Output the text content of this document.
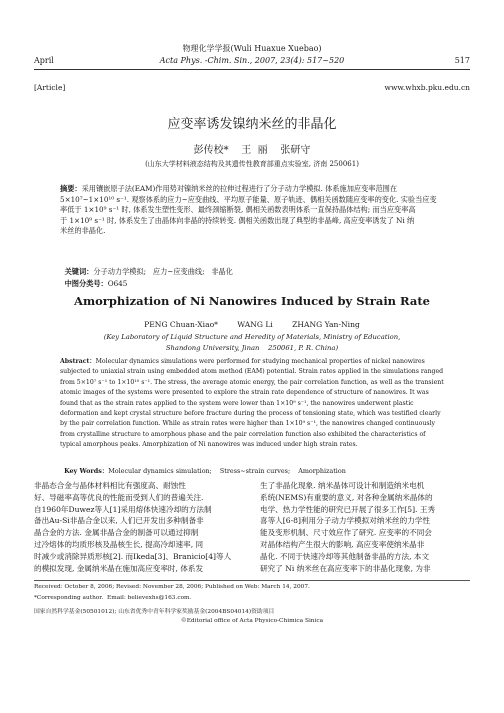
物理化学学报(Wuli Huaxue Xuebao)
April	Acta Phys. -Chim. Sin., 2007, 23(4): 517~520	517
[Article]	www.whxb.pku.edu.cn
应变率诱发镍纳米丝的非晶化
彭传校*    王  丽    张研守
(山东大学材料液态结构及其遗传性教育部重点实验室, 济南 250061)
摘要：采用镶嵌原子法(EAM)作用势对镍纳米丝的拉伸过程进行了分子动力学模拟. 体系施加应变率范围在
5×10⁷~1×10¹⁰ s⁻¹. 观察体系的应力~应变曲线、平均原子能量、原子轨迹、偶相关函数随应变率的变化. 实验当应变
率低于 1×10⁹ s⁻¹ 时, 体系发生塑性变形、最终颈缩断裂, 偶相关函数表明体系一直保持晶体结构; 而当应变率高
于 1×10⁹ s⁻¹ 时, 体系发生了由晶体向非晶的持续转变. 偶相关函数出现了典型的非晶峰, 高应变率诱发了 Ni 纳
米丝的非晶化.

关键词：分子动力学模拟;   应力~应变曲线;   非晶化

中图分类号：O645

Amorphization of Ni Nanowires Induced by Strain Rate
PENG Chuan-Xiao*        WANG Li        ZHANG Yan-Ning
(Key Laboratory of Liquid Structure and Heredity of Materials, Ministry of Education,
Shandong University, Jinan    250061, P. R. China)
Abstract：Molecular dynamics simulations were performed for studying mechanical properties of nickel nanowires
subjected to uniaxial strain using embedded atom method (EAM) potential. Strain rates applied in the simulations ranged
from 5×10⁷ s⁻¹ to 1×10¹⁰ s⁻¹. The stress, the average atomic energy, the pair correlation function, as well as the transient
atomic images of the systems were presented to explore the strain rate dependence of structure of nanowires. It was
found that as the strain rates applied to the system were lower than 1×10⁹ s⁻¹, the nanowires underwent plastic
deformation and kept crystal structure before fracture during the process of tensioning state, which was testified clearly
by the pair correlation function. While as strain rates were higher than 1×10⁹ s⁻¹, the nanowires changed continuously
from crystalline structure to amorphous phase and the pair correlation function also exhibited the characteristics of
typical amorphous peaks. Amorphization of Ni nanowires was induced under high strain rates.

Key Words：Molecular dynamics simulation;    Stress~strain curves;    Amorphization

非晶态合金与晶体材料相比有强度高、耐蚀性
好、导磁率高等优良的性能而受到人们的普遍关注.
自1960年Duwez等人[1]采用熔体快速冷却的方法制
备出Au-Si非晶合金以来, 人们已开发出多种制备非
晶合金的方法. 金属非晶合金的制备可以通过抑制
过冷熔体的均质形核及晶核生长, 提高冷却速率, 同
时减少或消除异质形核[2]. 而Ikeda[3]、Branicio[4]等人
的模拟发现, 金属纳米晶在施加高应变率时, 体系发
生了非晶化现象. 纳米晶体可设计和制造纳米电机
系统(NEMS)有重要的意义, 对各种金属纳米晶体的
电学、热力学性能的研究已开展了很多工作[5]. 王秀
喜等人[6-8]利用分子动力学模拟对纳米丝的力学性
能及变形机制、尺寸效应作了研究. 应变率的不同会
对晶体结构产生很大的影响, 高应变率使纳米晶非
晶化. 不同于快速冷却等其他制备非晶的方法, 本文
研究了 Ni 纳米丝在高应变率下的非晶化现象, 为非
Received: October 8, 2006; Revised: November 28, 2006; Published on Web: March 14, 2007.
*Corresponding author.  Email: believexhs@163.com.
国家自然科学基金(50501012); 山东省优秀中青年科学家奖励基金(2004BS04014)资助项目
©Editorial office of Acta Physico-Chimica Sinica
